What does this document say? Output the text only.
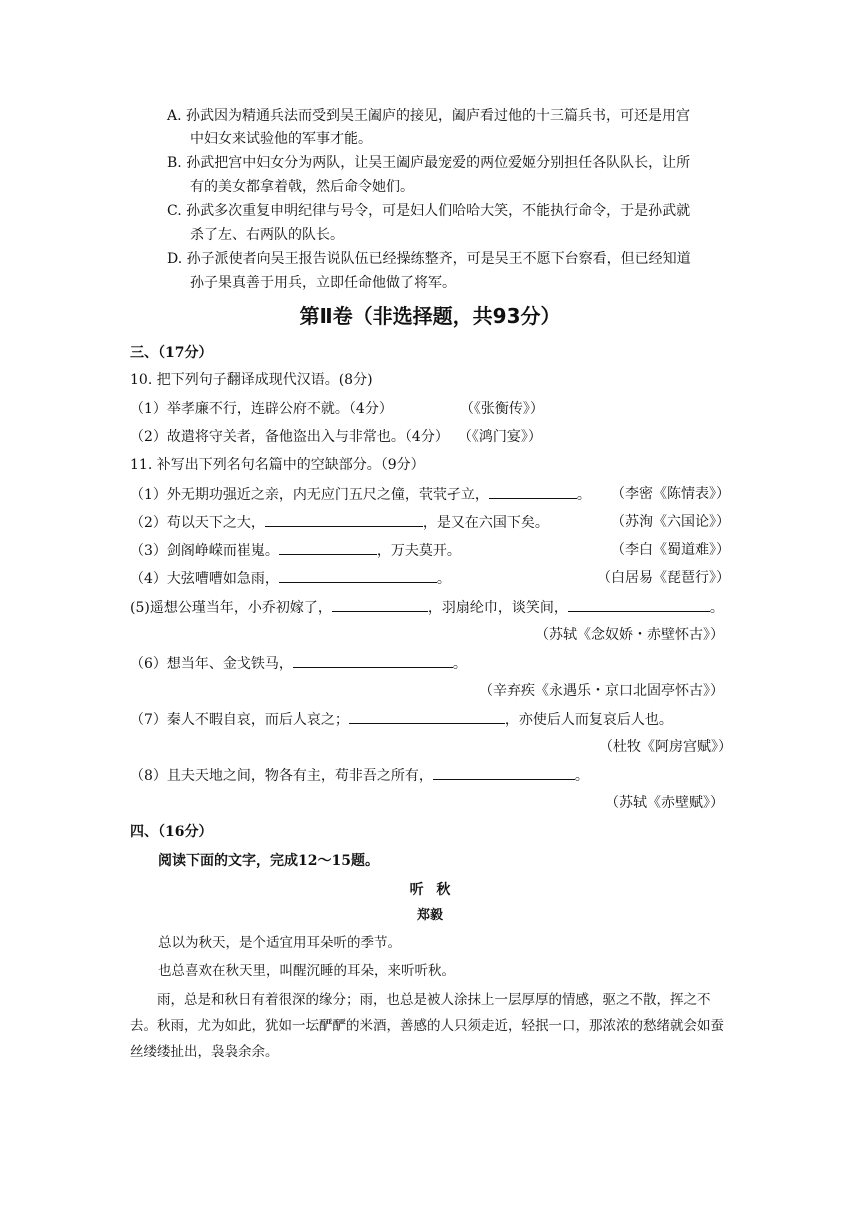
A. 孙武因为精通兵法而受到吴王阖庐的接见，阖庐看过他的十三篇兵书，可还是用宫
中妇女来试验他的军事才能。
B. 孙武把宫中妇女分为两队，让吴王阖庐最宠爱的两位爱姬分别担任各队队长，让所
有的美女都拿着戟，然后命令她们。
C. 孙武多次重复申明纪律与号令，可是妇人们哈哈大笑，不能执行命令，于是孙武就
杀了左、右两队的队长。
D. 孙子派使者向吴王报告说队伍已经操练整齐，可是吴王不愿下台察看，但已经知道
孙子果真善于用兵，立即任命他做了将军。
第Ⅱ卷（非选择题，共93分）
三、（17分）
10. 把下列句子翻译成现代汉语。(8分)
（1）举孝廉不行，连辟公府不就。（4分）	（《张衡传》）
（2）故遣将守关者，备他盗出入与非常也。（4分） （《鸿门宴》）
11. 补写出下列名句名篇中的空缺部分。（9分）
（1）外无期功强近之亲，内无应门五尺之僮，茕茕孑立，	。 （李密《陈情表》）
（2）苟以天下之大，	，是又在六国下矣。	（苏洵《六国论》）
（3）剑阁峥嵘而崔嵬。	，万夫莫开。	（李白《蜀道难》）
（4）大弦嘈嘈如急雨，	。	（白居易《琵琶行》）
(5)遥想公瑾当年，小乔初嫁了，	，羽扇纶巾，谈笑间，	。
（苏轼《念奴娇・赤壁怀古》）
（6）想当年、金戈铁马，	。
（辛弃疾《永遇乐・京口北固亭怀古》）
（7）秦人不暇自哀，而后人哀之；	，亦使后人而复哀后人也。
（杜牧《阿房宫赋》）
（8）且夫天地之间，物各有主，苟非吾之所有，	。
（苏轼《赤壁赋》）
四、（16分）
阅读下面的文字，完成12～15题。
听 秋
郑毅
总以为秋天，是个适宜用耳朵听的季节。
也总喜欢在秋天里，叫醒沉睡的耳朵，来听听秋。
雨，总是和秋日有着很深的缘分；雨，也总是被人涂抹上一层厚厚的情感，驱之不散，挥之不去。秋雨，尤为如此，犹如一坛酽酽的米酒，善感的人只须走近，轻抿一口，那浓浓的愁绪就会如蚕丝缕缕扯出，袅袅余余。
